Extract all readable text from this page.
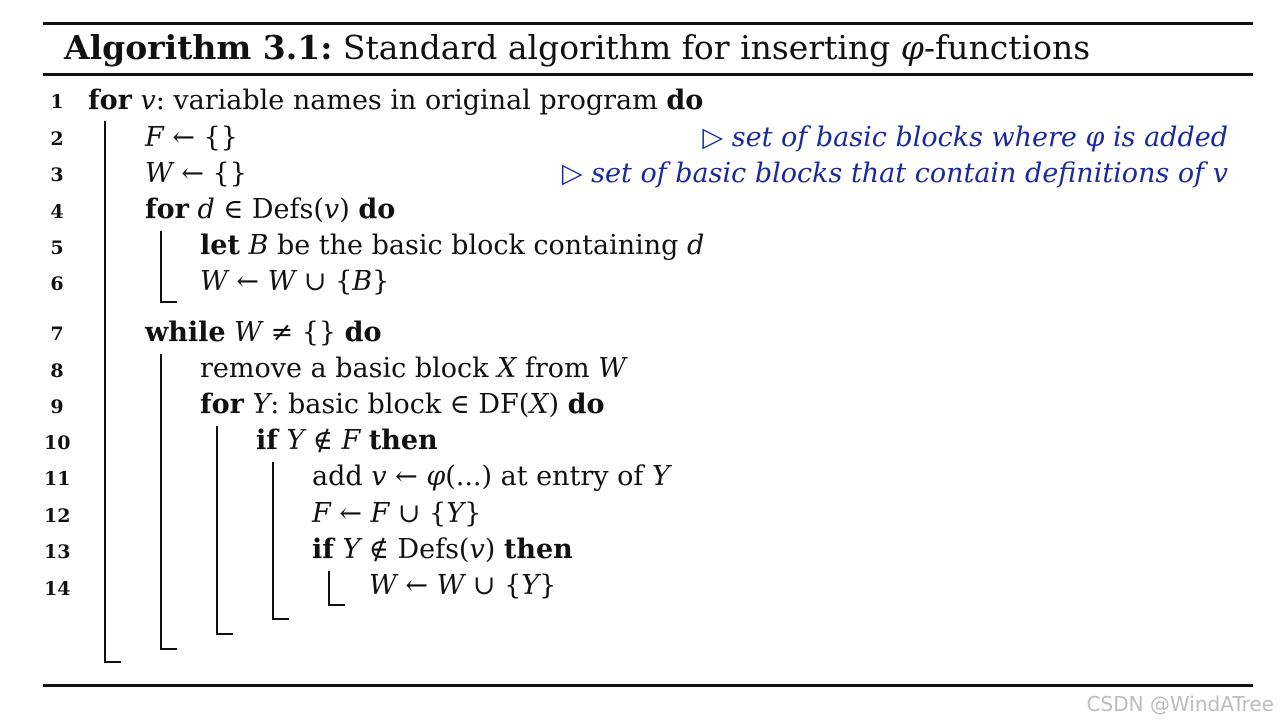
Algorithm 3.1: Standard algorithm for inserting φ-functions
1
2
3
4
5
6
7
8
9
10
11
12
13
14
for v: variable names in original program do
F ← {}	▷ set of basic blocks where φ is added
W ← {}	▷ set of basic blocks that contain definitions of v
for d ∈ Defs(v) do
let B be the basic block containing d
W ← W ∪ {B}
while W ≠ {} do
remove a basic block X from W
for Y: basic block ∈ DF(X) do
if Y ∉ F then
add v ← φ(...) at entry of Y
F ← F ∪ {Y}
if Y ∉ Defs(v) then
W ← W ∪ {Y}
CSDN @WindATree
